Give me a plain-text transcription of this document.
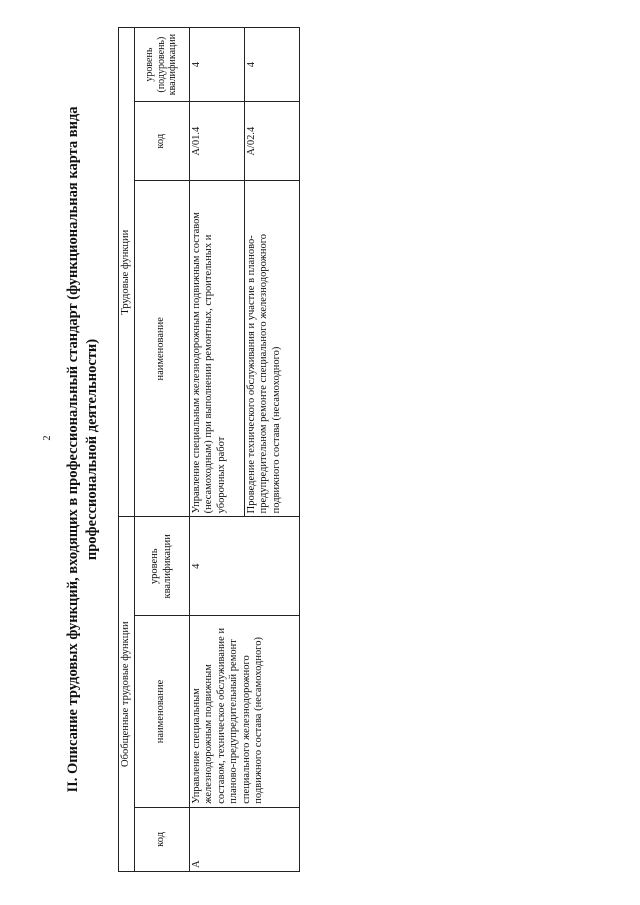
2 II. Описание трудовых функций, входящих в профессиональный стандарт (функциональная карта вида профессиональной деятельности)
Обобщенные трудовые функции			Трудовые функции		
код	наименование	уровень квалификации	наименование	код	уровень (подуровень) квалификации
А	Управление специальным железнодорожным подвижным составом, техническое обслуживание и планово-предупредительный ремонт специального железнодорожного подвижного состава (несамоходного)	4	Управление специальным железнодорожным подвижным составом (несамоходным) при выполнении ремонтных, строительных и уборочных работ	А/01.4	4
			Проведение технического обслуживания и участие в планово-предупредительном ремонте специального железнодорожного подвижного состава (несамоходного)	А/02.4	4
